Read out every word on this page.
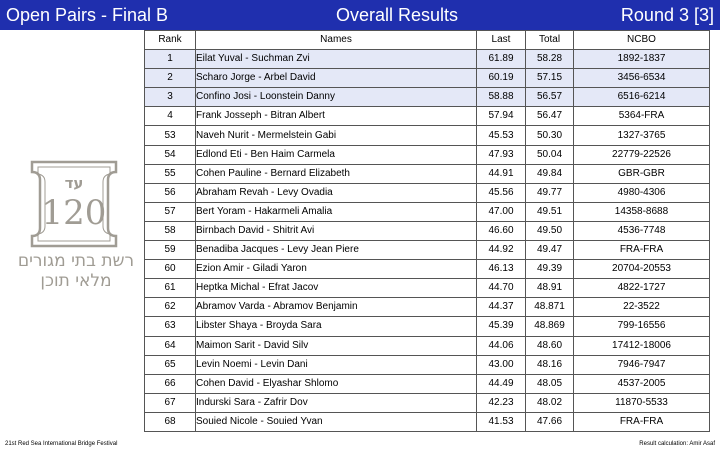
Open Pairs - Final B	Overall Results	Round 3 [3]
עד
120
רשת בתי מגורים
מלאי תוכן
Rank	Names	Last	Total	NCBO
1	Eilat Yuval - Suchman Zvi	61.89	58.28	1892-1837
2	Scharo Jorge - Arbel David	60.19	57.15	3456-6534
3	Confino Josi - Loonstein Danny	58.88	56.57	6516-6214
4	Frank Josseph - Bitran Albert	57.94	56.47	5364-FRA
53	Naveh Nurit - Mermelstein Gabi	45.53	50.30	1327-3765
54	Edlond Eti - Ben Haim Carmela	47.93	50.04	22779-22526
55	Cohen Pauline - Bernard Elizabeth	44.91	49.84	GBR-GBR
56	Abraham Revah - Levy Ovadia	45.56	49.77	4980-4306
57	Bert Yoram - Hakarmeli Amalia	47.00	49.51	14358-8688
58	Birnbach David - Shitrit Avi	46.60	49.50	4536-7748
59	Benadiba Jacques - Levy Jean Piere	44.92	49.47	FRA-FRA
60	Ezion Amir - Giladi Yaron	46.13	49.39	20704-20553
61	Heptka Michal - Efrat Jacov	44.70	48.91	4822-1727
62	Abramov Varda - Abramov Benjamin	44.37	48.871	22-3522
63	Libster Shaya - Broyda Sara	45.39	48.869	799-16556
64	Maimon Sarit - David Silv	44.06	48.60	17412-18006
65	Levin Noemi - Levin Dani	43.00	48.16	7946-7947
66	Cohen David - Elyashar Shlomo	44.49	48.05	4537-2005
67	Indurski Sara - Zafrir Dov	42.23	48.02	11870-5533
68	Souied Nicole - Souied Yvan	41.53	47.66	FRA-FRA
21st Red Sea International Bridge Festival	Result calculation: Amir Asaf
